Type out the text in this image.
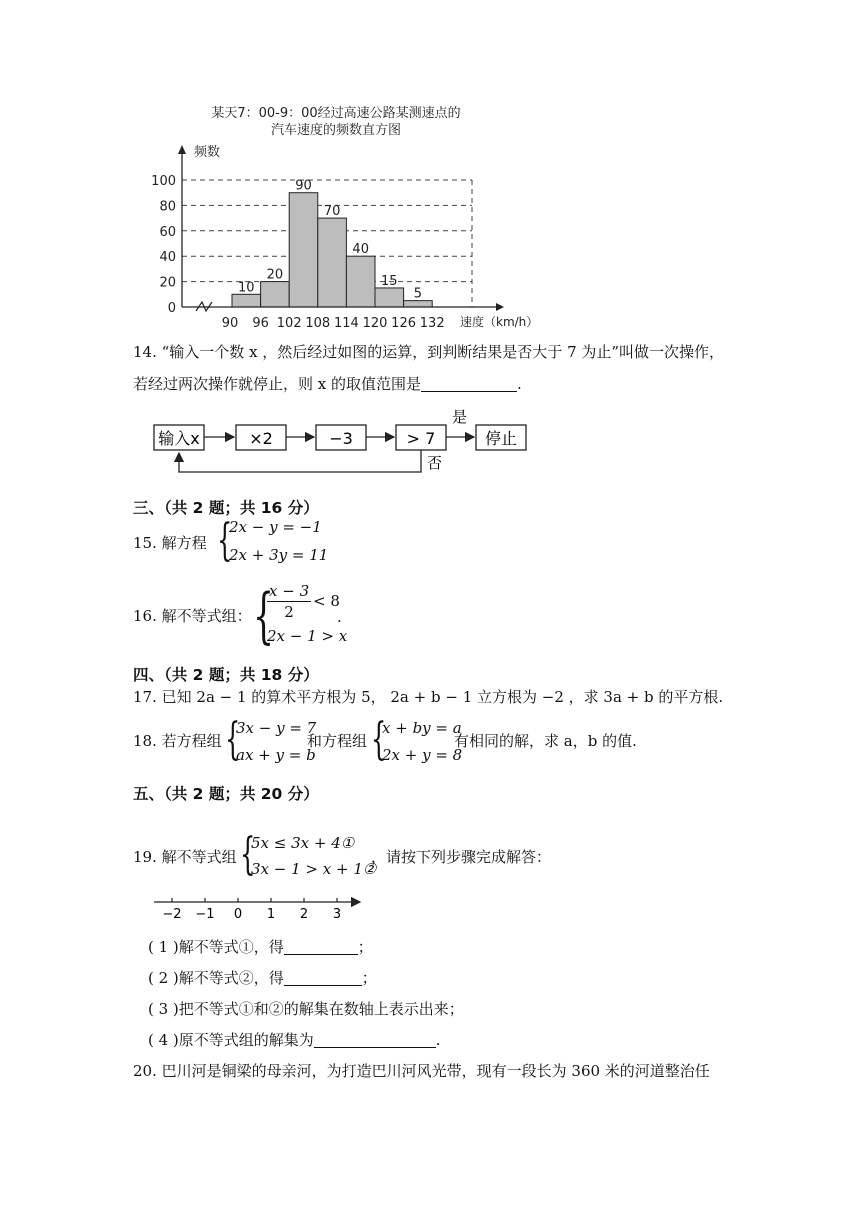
某天7：00-9：00经过高速公路某测速点的
汽车速度的频数直方图
频数
速度（km/h）
10
20
90
70
40
15
5
0
20
40
60
80
100
90 96 102 108 114 120 126 132
14. “输入一个数 x ，然后经过如图的运算，到判断结果是否大于 7 为止”叫做一次操作，
若经过两次操作就停止，则 x 的取值范围是	.
输入x	×2	−3	> 7
是
停止
否
三、（共 2 题；共 16 分）
15. 解方程 {
2x − y = −1
2x + 3y = 11
16. 解不等式组： {
$\frac{x - 3}{2} < 8$
.
2x − 1 > x
四、（共 2 题；共 18 分）
17. 已知 2a − 1 的算术平方根为 5， 2a + b − 1 立方根为 −2 ，求 3a + b 的平方根.
18. 若方程组 {
3x − y = 7
ax + y = b
和方程组 {
x + by = a
2x + y = 8
有相同的解，求 a，b 的值.
五、（共 2 题；共 20 分）
19. 解不等式组 {
5x ≤ 3x + 4①
3x − 1 > x + 1②
，请按下列步骤完成解答：
−2 −1 0 1 2 3
( 1 )解不等式①，得	；
( 2 )解不等式②，得	；
( 3 )把不等式①和②的解集在数轴上表示出来；
( 4 )原不等式组的解集为	.
20. 巴川河是铜梁的母亲河，为打造巴川河风光带，现有一段长为 360 米的河道整治任
